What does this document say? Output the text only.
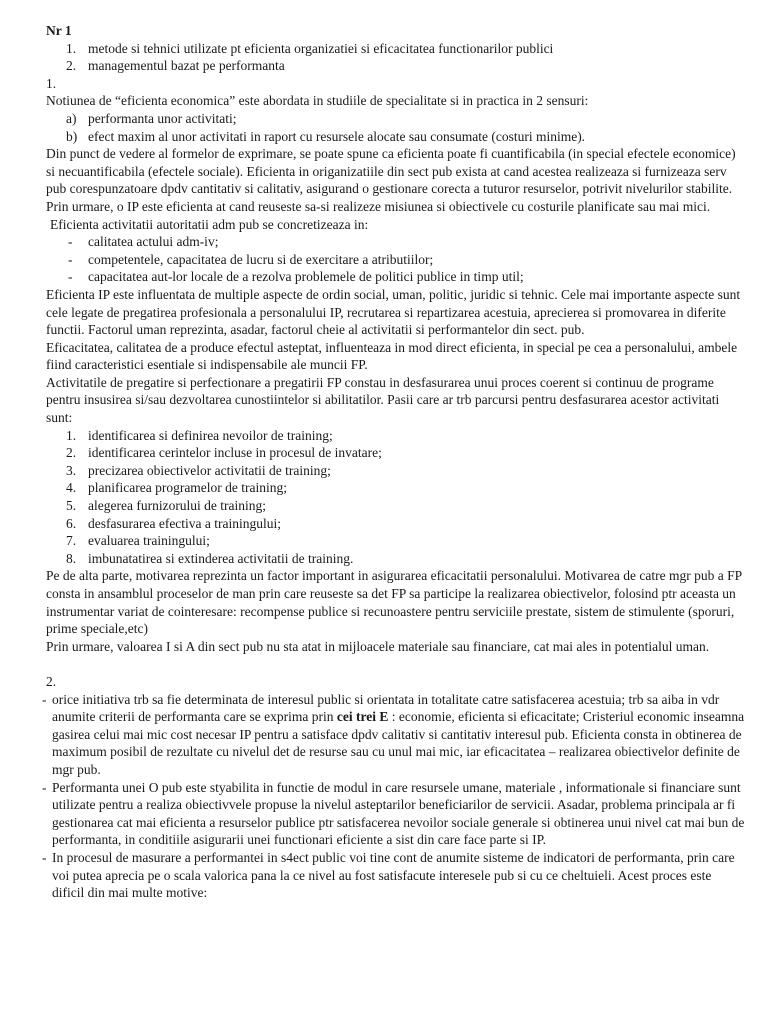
Nr 1
1. metode si tehnici utilizate pt eficienta organizatiei si eficacitatea functionarilor publici
2. managementul bazat pe performanta
1.

Notiunea de “eficienta economica” este abordata in studiile de specialitate si in practica in 2 sensuri:

a) performanta unor activitati;
b) efect maxim al unor activitati in raport cu resursele alocate sau consumate (costuri minime).

Din punct de vedere al formelor de exprimare, se poate spune ca eficienta poate fi cuantificabila (in special efectele economice) si necuantificabila (efectele sociale). Eficienta in origanizatiile din sect pub exista at cand acestea realizeaza si furnizeaza serv pub corespunzatoare dpdv cantitativ si calitativ, asigurand o gestionare corecta a tuturor resurselor, potrivit nivelurilor stabilite. Prin urmare, o IP este eficienta at cand reuseste sa-si realizeze misiunea si obiectivele cu costurile planificate sau mai mici.

Eficienta activitatii autoritatii adm pub se concretizeaza in:

- calitatea actului adm-iv;
- competentele, capacitatea de lucru si de exercitare a atributiilor;
- capacitatea aut-lor locale de a rezolva problemele de politici publice in timp util;

Eficienta IP este influentata de multiple aspecte de ordin social, uman, politic, juridic si tehnic. Cele mai importante aspecte sunt cele legate de pregatirea profesionala a personalului IP, recrutarea si repartizarea acestuia, aprecierea si promovarea in diferite functii. Factorul uman reprezinta, asadar, factorul cheie al activitatii si performantelor din sect. pub.

Eficacitatea, calitatea de a produce efectul asteptat, influenteaza in mod direct eficienta, in special pe cea a personalului, ambele fiind caracteristici esentiale si indispensabile ale muncii FP.

Activitatile de pregatire si perfectionare a pregatirii FP constau in desfasurarea unui proces coerent si continuu de programe pentru insusirea si/sau dezvoltarea cunostiintelor si abilitatilor. Pasii care ar trb parcursi pentru desfasurarea acestor activitati sunt:

1. identificarea si definirea nevoilor de training;
2. identificarea cerintelor incluse in procesul de invatare;
3. precizarea obiectivelor activitatii de training;
4. planificarea programelor de training;
5. alegerea furnizorului de training;
6. desfasurarea efectiva a trainingului;
7. evaluarea trainingului;
8. imbunatatirea si extinderea activitatii de training.

Pe de alta parte, motivarea reprezinta un factor important in asigurarea eficacitatii personalului. Motivarea de catre mgr pub a FP consta in ansamblul proceselor de man prin care reuseste sa det FP sa participe la realizarea obiectivelor, folosind ptr aceasta un instrumentar variat de cointeresare: recompense publice si recunoastere pentru serviciile prestate, sistem de stimulente (sporuri, prime speciale,etc)

Prin urmare, valoarea I si A din sect pub nu sta atat in mijloacele materiale sau financiare, cat mai ales in potentialul uman.

2.
- orice initiativa trb sa fie determinata de interesul public si orientata in totalitate catre satisfacerea acestuia; trb sa aiba in vdr anumite criterii de performanta care se exprima prin cei trei E : economie, eficienta si eficacitate; Cristeriul economic inseamna gasirea celui mai mic cost necesar IP pentru a satisface dpdv calitativ si cantitativ interesul pub. Eficienta consta in obtinerea de maximum posibil de rezultate cu nivelul det de resurse sau cu unul mai mic, iar eficacitatea – realizarea obiectivelor definite de mgr pub.
- Performanta unei O pub este styabilita in functie de modul in care resursele umane, materiale , informationale si financiare sunt utilizate pentru a realiza obiectivvele propuse la nivelul asteptarilor beneficiarilor de servicii. Asadar, problema principala ar fi gestionarea cat mai eficienta a resurselor publice ptr satisfacerea nevoilor sociale generale si obtinerea unui nivel cat mai bun de performanta, in conditiile asigurarii unei functionari eficiente a sist din care face parte si IP.
- In procesul de masurare a performantei in s4ect public voi tine cont de anumite sisteme de indicatori de performanta, prin care voi putea aprecia pe o scala valorica pana la ce nivel au fost satisfacute interesele pub si cu ce cheltuieli. Acest proces este dificil din mai multe motive:
